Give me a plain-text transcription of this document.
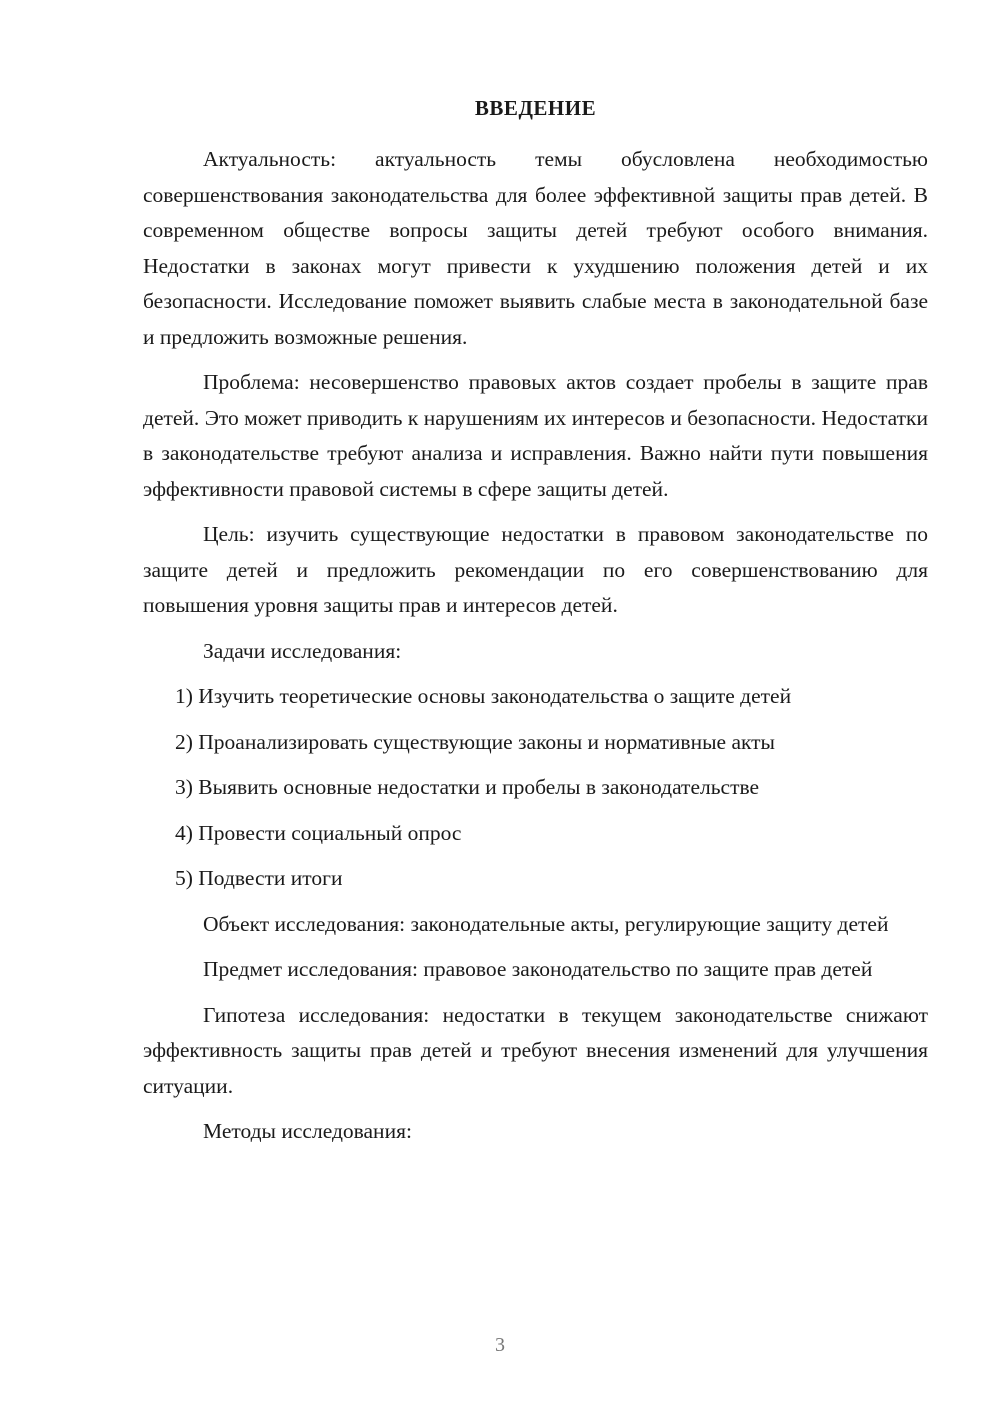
ВВЕДЕНИЕ

Актуальность: актуальность темы обусловлена необходимостью совершенствования законодательства для более эффективной защиты прав детей. В современном обществе вопросы защиты детей требуют особого внимания. Недостатки в законах могут привести к ухудшению положения детей и их безопасности. Исследование поможет выявить слабые места в законодательной базе и предложить возможные решения.

Проблема: несовершенство правовых актов создает пробелы в защите прав детей. Это может приводить к нарушениям их интересов и безопасности. Недостатки в законодательстве требуют анализа и исправления. Важно найти пути повышения эффективности правовой системы в сфере защиты детей.

Цель: изучить существующие недостатки в правовом законодательстве по защите детей и предложить рекомендации по его совершенствованию для повышения уровня защиты прав и интересов детей.

Задачи исследования:

1) Изучить теоретические основы законодательства о защите детей
2) Проанализировать существующие законы и нормативные акты
3) Выявить основные недостатки и пробелы в законодательстве
4) Провести социальный опрос
5) Подвести итоги

Объект исследования: законодательные акты, регулирующие защиту детей

Предмет исследования: правовое законодательство по защите прав детей

Гипотеза исследования: недостатки в текущем законодательстве снижают эффективность защиты прав детей и требуют внесения изменений для улучшения ситуации.

Методы исследования:

3
